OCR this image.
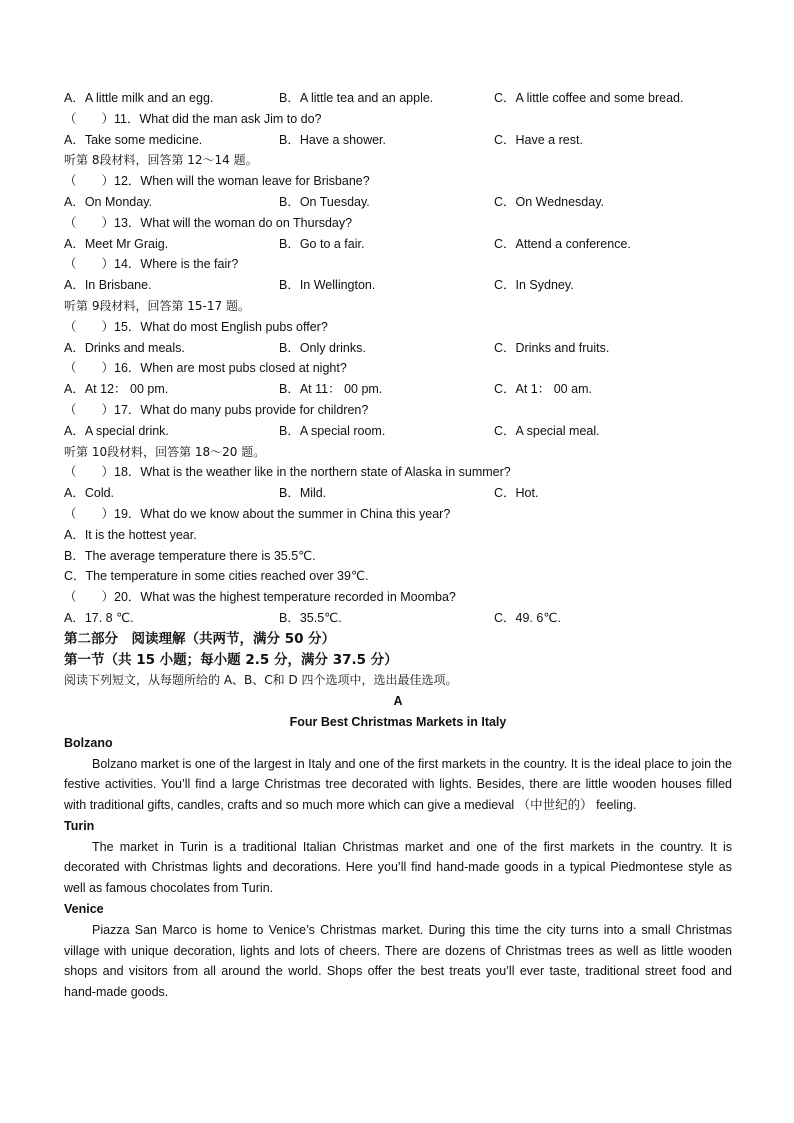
A．A little milk and an egg.	B．A little tea and an apple.	C．A little coffee and some bread.
（　　）11．What did the man ask Jim to do?
A．Take some medicine.	B．Have a shower.	C．Have a rest.
听第 8段材料，回答第 12～14 题。
（　　）12．When will the woman leave for Brisbane?
A．On Monday.	B．On Tuesday.	C．On Wednesday.
（　　）13．What will the woman do on Thursday?
A．Meet Mr Graig.	B．Go to a fair.	C．Attend a conference.
（　　）14．Where is the fair?
A．In Brisbane.	B．In Wellington.	C．In Sydney.
听第 9段材料，回答第 15-17 题。
（　　）15．What do most English pubs offer?
A．Drinks and meals.	B．Only drinks.	C．Drinks and fruits.
（　　）16．When are most pubs closed at night?
A．At 12： 00 pm.	B．At 11： 00 pm.	C．At 1： 00 am.
（　　）17．What do many pubs provide for children?
A．A special drink.	B．A special room.	C．A special meal.
听第 10段材料，回答第 18～20 题。
（　　）18．What is the weather like in the northern state of Alaska in summer?
A．Cold.	B．Mild.	C．Hot.
（　　）19．What do we know about the summer in China this year?
A．It is the hottest year.
B．The average temperature there is 35.5℃.
C．The temperature in some cities reached over 39℃.
（　　）20．What was the highest temperature recorded in Moomba?
A．17. 8 ℃.	B．35.5℃.	C．49. 6℃.
第二部分　阅读理解（共两节，满分 50 分）
第一节（共 15 小题；每小题 2.5 分，满分 37.5 分）
阅读下列短文，从每题所给的 A、B、C和 D 四个选项中，选出最佳选项。
A
Four Best Christmas Markets in Italy
Bolzano

Bolzano market is one of the largest in Italy and one of the first markets in the country. It is the ideal place to join the festive activities. You’ll find a large Christmas tree decorated with lights. Besides, there are little wooden houses filled with traditional gifts, candles, crafts and so much more which can give a medieval （中世纪的） feeling.

Turin

The market in Turin is a traditional Italian Christmas market and one of the first markets in the country. It is decorated with Christmas lights and decorations. Here you’ll find hand-made goods in a typical Piedmontese style as well as famous chocolates from Turin.

Venice

Piazza San Marco is home to Venice’s Christmas market. During this time the city turns into a small Christmas village with unique decoration, lights and lots of cheers. There are dozens of Christmas trees as well as little wooden shops and visitors from all around the world. Shops offer the best treats you’ll ever taste, traditional street food and hand-made goods.
